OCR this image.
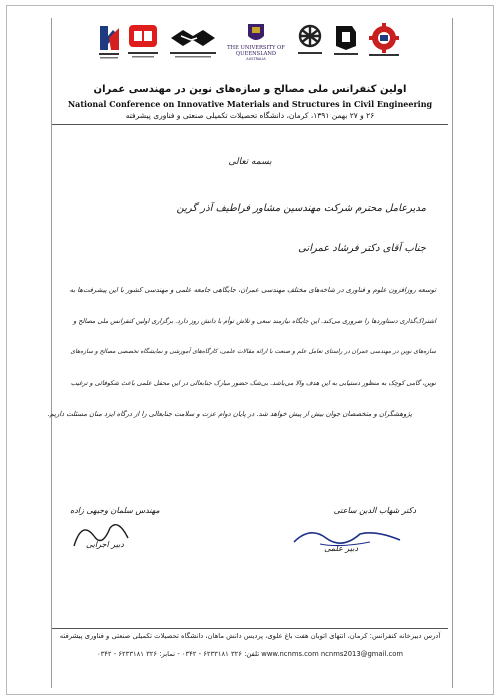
THE UNIVERSITY OF QUEENSLAND
AUSTRALIA
اولین کنفرانس ملی مصالح و سازه‌های نوین در مهندسی عمران
National Conference on Innovative Materials and Structures in Civil Engineering
۲۶ و ۲۷ بهمن ۱۳۹۱، کرمان، دانشگاه تحصیلات تکمیلی صنعتی و فناوری پیشرفته
بسمه تعالی
مدیرعامل محترم شرکت مهندسین مشاور فراطیف آذر گرین
جناب آقای دکتر فرشاد عمرانی
توسعه روزافزون علوم و فناوری در شاخه‌های مختلف مهندسی عمران، جایگاهی جامعه علمی و مهندسی کشور با این پیشرفت‌ها به
اشتراک‌گذاری دستاوردها را ضروری می‌کند. این جایگاه نیازمند سعی و تلاش توأم با دانش روز دارد. برگزاری اولین کنفرانس ملی مصالح و
سازه‌های نوین در مهندسی عمران در راستای تعامل علم و صنعت با ارائه مقالات علمی، کارگاه‌های آموزشی و نمایشگاه تخصصی مصالح و سازه‌های
نوین، گامی کوچک به منظور دستیابی به این هدف والا می‌باشد. بی‌شک حضور مبارک جنابعالی در این محفل علمی باعث شکوفائی و ترغیب
پژوهشگران و متخصصان جوان بیش از پیش خواهد شد. در پایان دوام عزت و سلامت جنابعالی را از درگاه ایزد منان مسئلت داریم.
دکتر شهاب الدین ساعتی
دبیر علمی
مهندس سلمان وجیهی زاده
دبیر اجرایی
آدرس دبیرخانه کنفرانس: کرمان، انتهای اتوبان هفت باغ علوی، پردیس دانش ماهان، دانشگاه تحصیلات تکمیلی صنعتی و فناوری پیشرفته
تلفن: ۳۲۶ ۶۲۳۳۱۸۱ - ۰۳۴۲ - نمابر: ۳۲۶ ۶۲۳۳۱۸۱ - ۰۳۴۲ www.ncnms.com ncnms2013@gmail.com
